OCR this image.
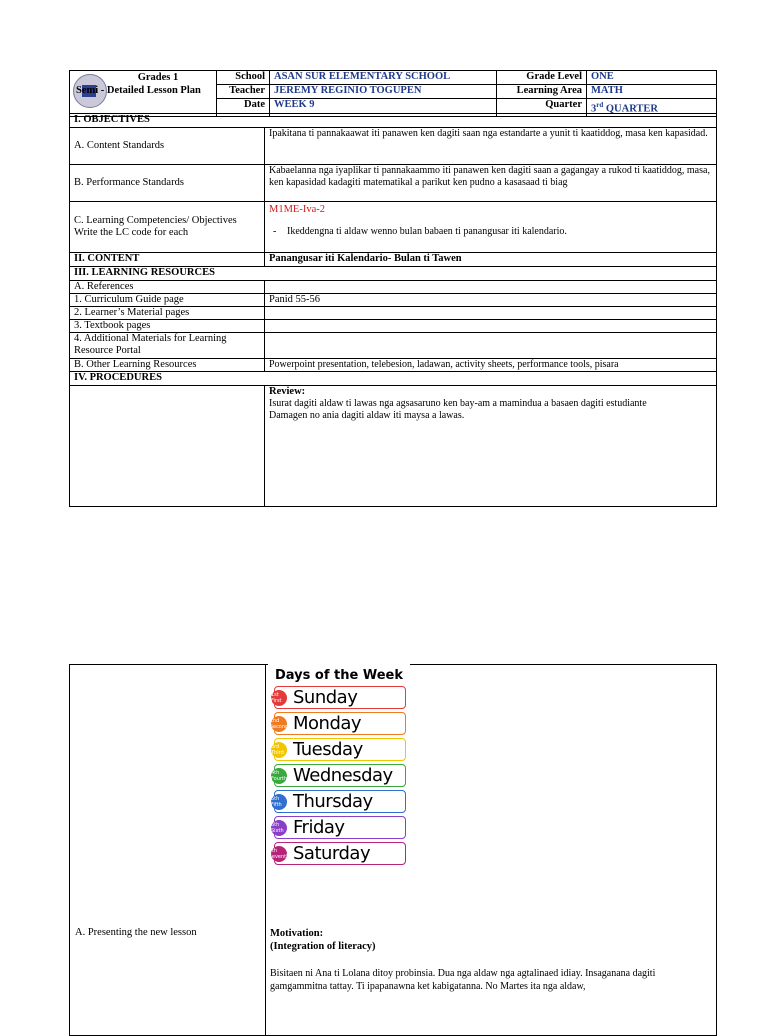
Grades 1
Semi - Detailed Lesson Plan	School	ASAN SUR ELEMENTARY SCHOOL	Grade Level	ONE
	Teacher	JEREMY REGINIO TOGUPEN	Learning Area	MATH
	Date	WEEK 9	Quarter	3rd QUARTER
I. OBJECTIVES	
A. Content Standards	Ipakitana ti pannakaawat iti panawen ken dagiti saan nga estandarte a yunit ti kaatiddog, masa ken kapasidad.
B. Performance Standards	Kabaelanna nga iyaplikar ti pannakaammo iti panawen ken dagiti saan a gagangay a rukod ti kaatiddog, masa, ken kapasidad kadagiti matematikal a parikut ken pudno a kasasaad ti biag
C. Learning Competencies/ Objectives Write the LC code for each	M1ME-Iva-2
- Ikeddengna ti aldaw wenno bulan babaen ti panangusar iti kalendario.

II. CONTENT	Panangusar iti Kalendario- Bulan ti Tawen
III. LEARNING RESOURCES	
A. References	
1. Curriculum Guide page	Panid 55-56
2. Learner’s Material pages	
3. Textbook pages	
4. Additional Materials for Learning Resource Portal	
B. Other Learning Resources	Powerpoint presentation, telebesion, ladawan, activity sheets, performance tools, pisara
IV. PROCEDURES	

	Review:
Isurat dagiti aldaw ti lawas nga agsasaruno ken bay-am a mamindua a basaen dagiti estudiante
Damagen no ania dagiti aldaw iti maysa a lawas.
A. Presenting the new lesson	Motivation:
(Integration of literacy)
Bisitaen ni Ana ti Lolana ditoy probinsia. Dua nga aldaw nga agtalinaed idiay. Insaganana dagiti gamgammitna tattay. Ti ipapanawna ket kabigatanna. No Martes ita nga aldaw,
Days of the Week
1st First Sunday
2nd Second Monday
3rd Third Tuesday
4th Fourth Wednesday
5th Fifth Thursday
6th Sixth Friday
7th Seventh Saturday
